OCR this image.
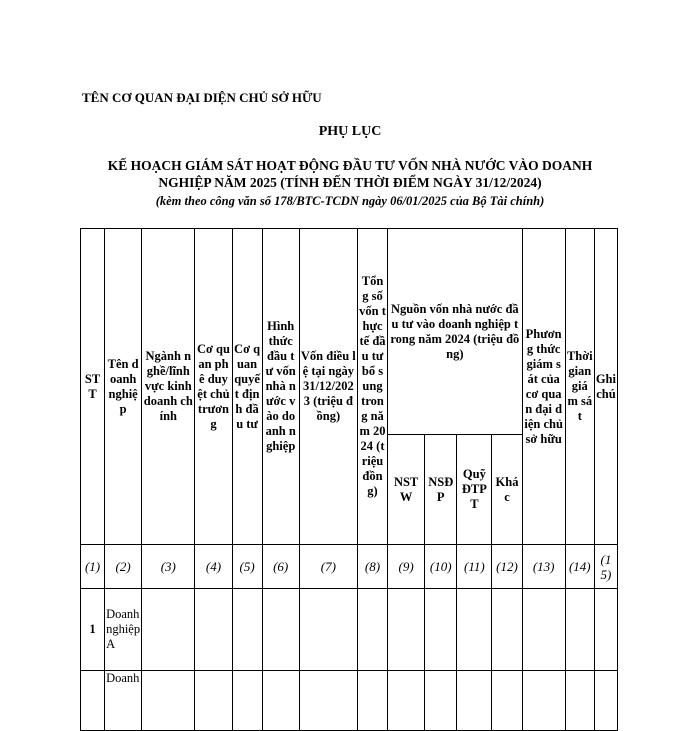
TÊN CƠ QUAN ĐẠI DIỆN CHỦ SỞ HỮU
PHỤ LỤC
KẾ HOẠCH GIÁM SÁT HOẠT ĐỘNG ĐẦU TƯ VỐN NHÀ NƯỚC VÀO DOANH
NGHIỆP NĂM 2025 (TÍNH ĐẾN THỜI ĐIỂM NGÀY 31/12/2024)
(kèm theo công văn số 178/BTC-TCDN ngày 06/01/2025 của Bộ Tài chính)
STT	Tên doanh nghiệp	Ngành nghề/lĩnh vực kinh doanh chính	Cơ quan phê duyệt chủ trương	Cơ quan quyết định đầu tư	Hình thức đầu tư vốn nhà nước vào doanh nghiệp	Vốn điều lệ tại ngày 31/12/2023 (triệu đồng)	Tổng số vốn thực tế đầu tư bổ sung trong năm 2024 (triệu đồng)	Nguồn vốn nhà nước đầu tư vào doanh nghiệp trong năm 2024 (triệu đồng)				Phương thức giám sát của cơ quan đại diện chủ sở hữu	Thời gian giám sát	Ghi chú
								NSTW	NSĐP	Quỹ ĐTPT	Khác			
(1)	(2)	(3)	(4)	(5)	(6)	(7)	(8)	(9)	(10)	(11)	(12)	(13)	(14)	(15)
1	Doanh nghiệp A													
	Doanh													
